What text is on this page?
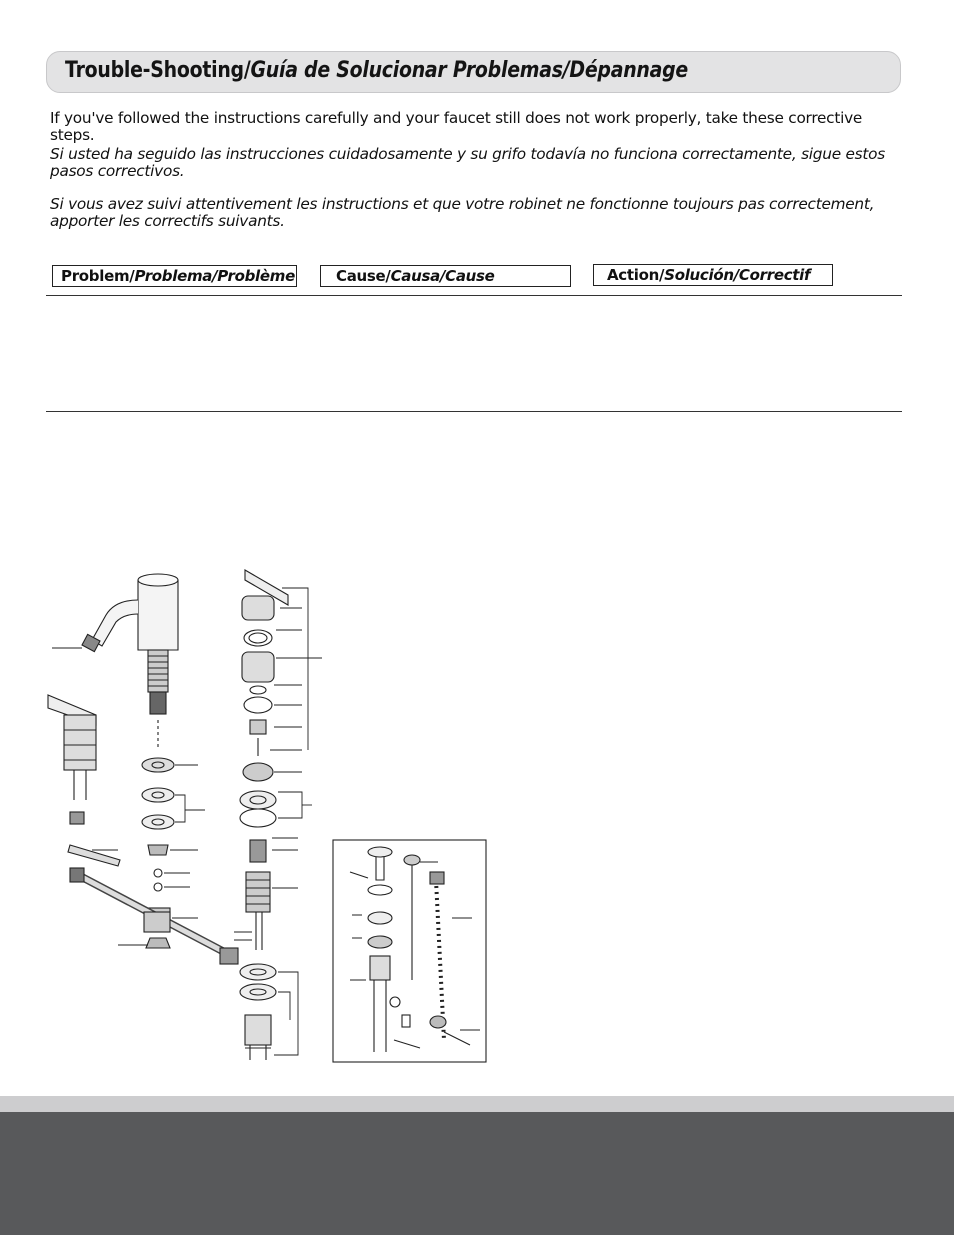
Trouble-Shooting/Guía de Solucionar Problemas/Dépannage
If you've followed the instructions carefully and your faucet still does not work properly, take these corrective steps.
Si usted ha seguido las instrucciones cuidadosamente y su grifo todavía no funciona correctamente, sigue estos pasos correctivos.
Si vous avez suivi attentivement les instructions et que votre robinet ne fonctionne toujours pas correctement, apporter les correctifs suivants.
Problem/Problema/Problème	Cause/Causa/Cause	Action/Solución/Correctif
